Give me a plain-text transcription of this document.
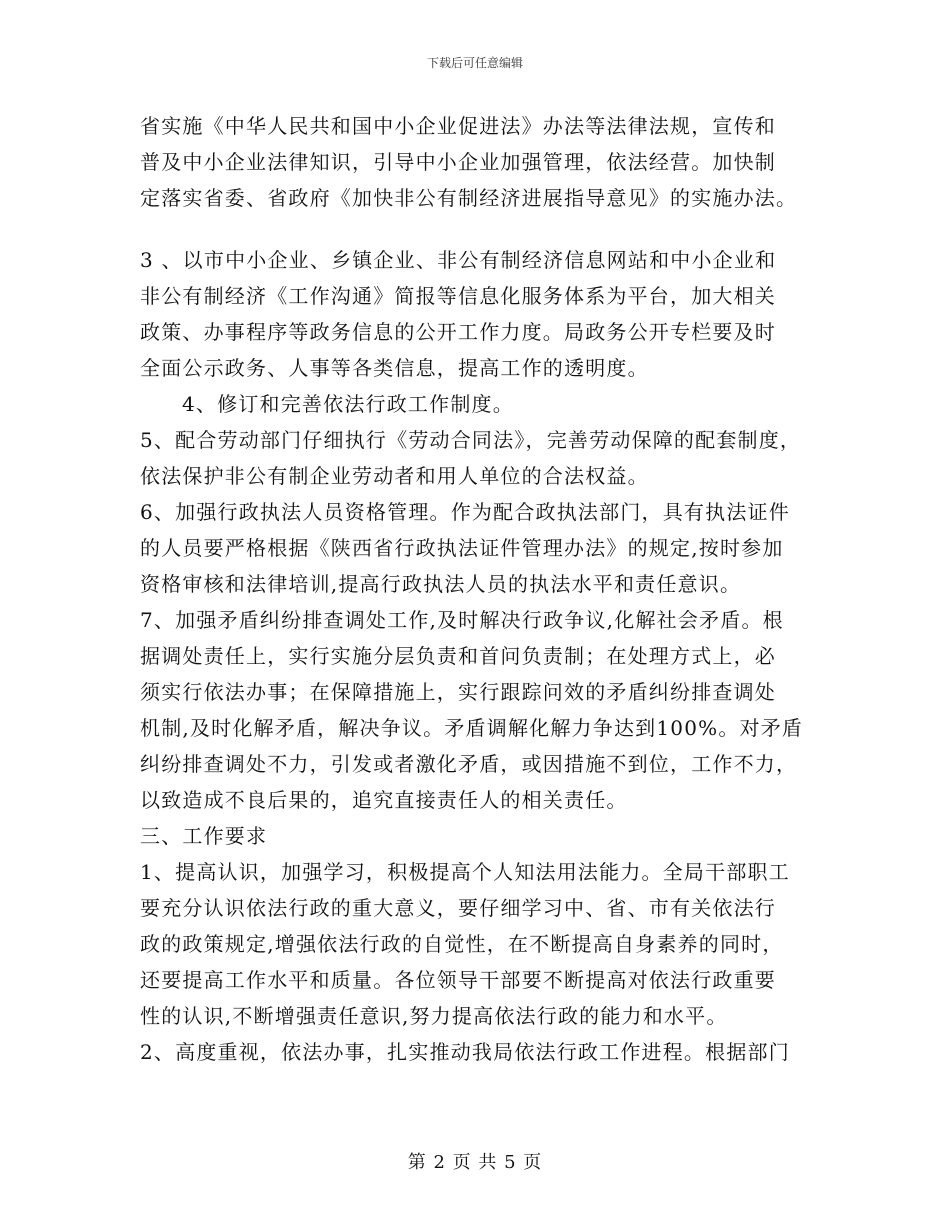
下载后可任意编辑
省实施《中华人民共和国中小企业促进法》办法等法律法规，宣传和
普及中小企业法律知识，引导中小企业加强管理，依法经营。加快制
定落实省委、省政府《加快非公有制经济进展指导意见》的实施办法。
3 、以市中小企业、乡镇企业、非公有制经济信息网站和中小企业和
非公有制经济《工作沟通》简报等信息化服务体系为平台，加大相关
政策、办事程序等政务信息的公开工作力度。局政务公开专栏要及时
全面公示政务、人事等各类信息，提高工作的透明度。
4、修订和完善依法行政工作制度。
5、配合劳动部门仔细执行《劳动合同法》，完善劳动保障的配套制度，
依法保护非公有制企业劳动者和用人单位的合法权益。
6、加强行政执法人员资格管理。作为配合政执法部门，具有执法证件
的人员要严格根据《陕西省行政执法证件管理办法》的规定,按时参加
资格审核和法律培训,提高行政执法人员的执法水平和责任意识。
7、加强矛盾纠纷排查调处工作,及时解决行政争议,化解社会矛盾。根
据调处责任上，实行实施分层负责和首问负责制；在处理方式上，必
须实行依法办事；在保障措施上，实行跟踪问效的矛盾纠纷排查调处
机制,及时化解矛盾，解决争议。矛盾调解化解力争达到100%。对矛盾
纠纷排查调处不力，引发或者激化矛盾，或因措施不到位，工作不力，
以致造成不良后果的，追究直接责任人的相关责任。
三、工作要求
1、提高认识，加强学习，积极提高个人知法用法能力。全局干部职工
要充分认识依法行政的重大意义，要仔细学习中、省、市有关依法行
政的政策规定,增强依法行政的自觉性，在不断提高自身素养的同时，
还要提高工作水平和质量。各位领导干部要不断提高对依法行政重要
性的认识,不断增强责任意识,努力提高依法行政的能力和水平。
2、高度重视，依法办事，扎实推动我局依法行政工作进程。根据部门
第 2 页 共 5 页
